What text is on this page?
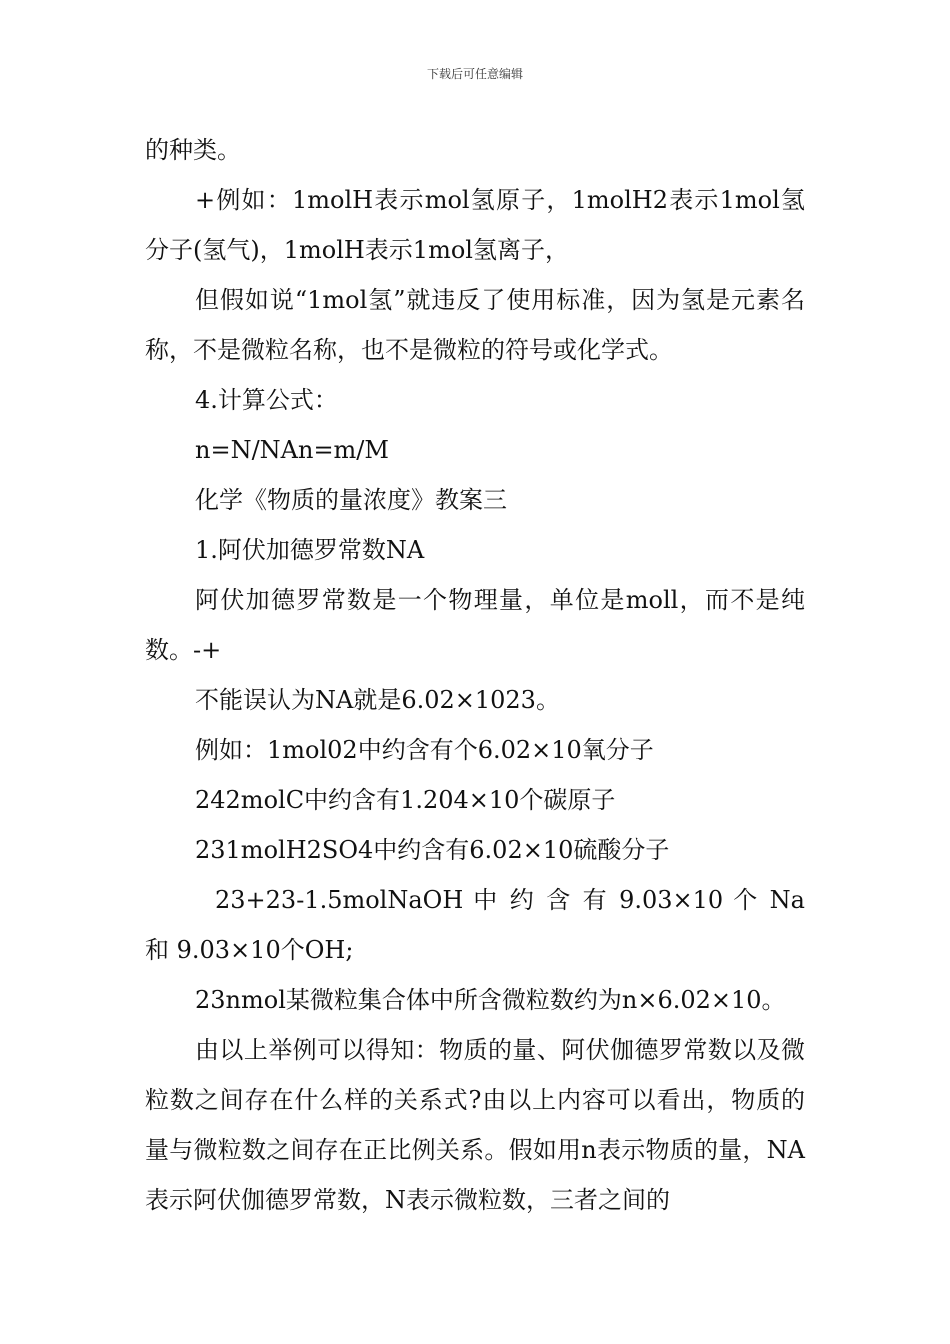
下载后可任意编辑

的种类。

+例如：1molH表示mol氢原子，1molH2表示1mol氢分子(氢气)，1molH表示1mol氢离子，

但假如说“1mol氢”就违反了使用标准，因为氢是元素名称，不是微粒名称，也不是微粒的符号或化学式。

4.计算公式：

n=N/NAn=m/M

化学《物质的量浓度》教案三

1.阿伏加德罗常数NA

阿伏加德罗常数是一个物理量，单位是moll，而不是纯数。-+

不能误认为NA就是6.02×1023。

例如：1mol02中约含有个6.02×10氧分子

242molC中约含有1.204×10个碳原子

231molH2SO4中约含有6.02×10硫酸分子

23+23-1.5molNaOH 中 约 含 有 9.03×10 个 Na 和 9.03×10个OH;

23nmol某微粒集合体中所含微粒数约为n×6.02×10。

由以上举例可以得知：物质的量、阿伏伽德罗常数以及微粒数之间存在什么样的关系式?由以上内容可以看出，物质的量与微粒数之间存在正比例关系。假如用n表示物质的量，NA表示阿伏伽德罗常数，N表示微粒数，三者之间的
